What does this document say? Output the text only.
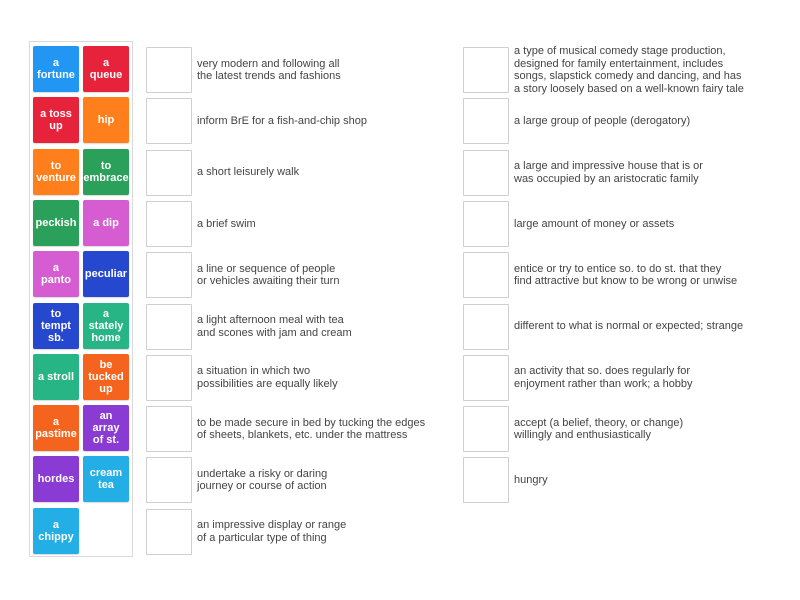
a
fortune
a
queue
a toss
up	hip
to
venture
to
embrace
peckish a dip
a
panto peculiar
to
tempt
sb.
a
stately
home
a stroll
be
tucked
up
a
pastime
an
array
of st.
hordes cream
tea
a
chippy
very modern and following all
the latest trends and fashions
inform BrE for a fish-and-chip shop
a short leisurely walk
a brief swim
a line or sequence of people
or vehicles awaiting their turn
a light afternoon meal with tea
and scones with jam and cream
a situation in which two
possibilities are equally likely
to be made secure in bed by tucking the edges
of sheets, blankets, etc. under the mattress
undertake a risky or daring
journey or course of action
an impressive display or range
of a particular type of thing
a type of musical comedy stage production,
designed for family entertainment, includes
songs, slapstick comedy and dancing, and has
a story loosely based on a well-known fairy tale
a large group of people (derogatory)
a large and impressive house that is or
was occupied by an aristocratic family
large amount of money or assets
entice or try to entice so. to do st. that they
find attractive but know to be wrong or unwise
different to what is normal or expected; strange
an activity that so. does regularly for
enjoyment rather than work; a hobby
accept (a belief, theory, or change)
willingly and enthusiastically
hungry
